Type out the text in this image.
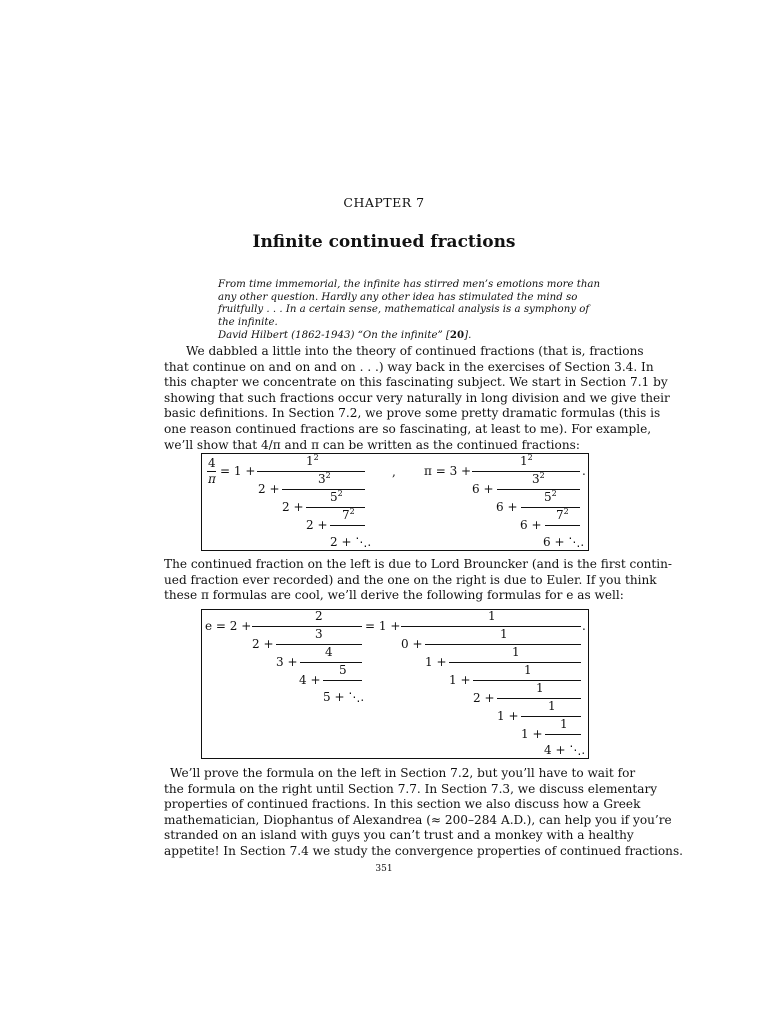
CHAPTER 7
Infinite continued fractions
From time immemorial, the infinite has stirred men’s emotions more than
any other question. Hardly any other idea has stimulated the mind so
fruitfully . . . In a certain sense, mathematical analysis is a symphony of
the infinite.
David Hilbert (1862-1943) “On the infinite” [20].
We dabbled a little into the theory of continued fractions (that is, fractions
that continue on and on and on . . .) way back in the exercises of Section 3.4. In
this chapter we concentrate on this fascinating subject. We start in Section 7.1 by
showing that such fractions occur very naturally in long division and we give their
basic definitions. In Section 7.2, we prove some pretty dramatic formulas (this is
one reason continued fractions are so fascinating, at least to me). For example,
we’ll show that 4/π and π can be written as the continued fractions:
4
π
= 1 +
$1^2$
2 +
$3^2$
2 +
$5^2$
2 +
$7^2$
2 + ⋱.
, π = 3 +
$1^2$
.
6 +
$3^2$
6 +
$5^2$
6 +
$7^2$
6 + ⋱.
The continued fraction on the left is due to Lord Brouncker (and is the first contin-
ued fraction ever recorded) and the one on the right is due to Euler. If you think
these π formulas are cool, we’ll derive the following formulas for e as well:
e = 2 +
2
2 +
3
3 +
4
4 +
5
5 + ⋱.
= 1 +
1
.
0 +
1
1 +
1
1 +
1
2 +
1
1 +
1
1 +
1
4 + ⋱.
We’ll prove the formula on the left in Section 7.2, but you’ll have to wait for
the formula on the right until Section 7.7. In Section 7.3, we discuss elementary
properties of continued fractions. In this section we also discuss how a Greek
mathematician, Diophantus of Alexandrea (≈ 200–284 A.D.), can help you if you’re
stranded on an island with guys you can’t trust and a monkey with a healthy
appetite! In Section 7.4 we study the convergence properties of continued fractions.
351
